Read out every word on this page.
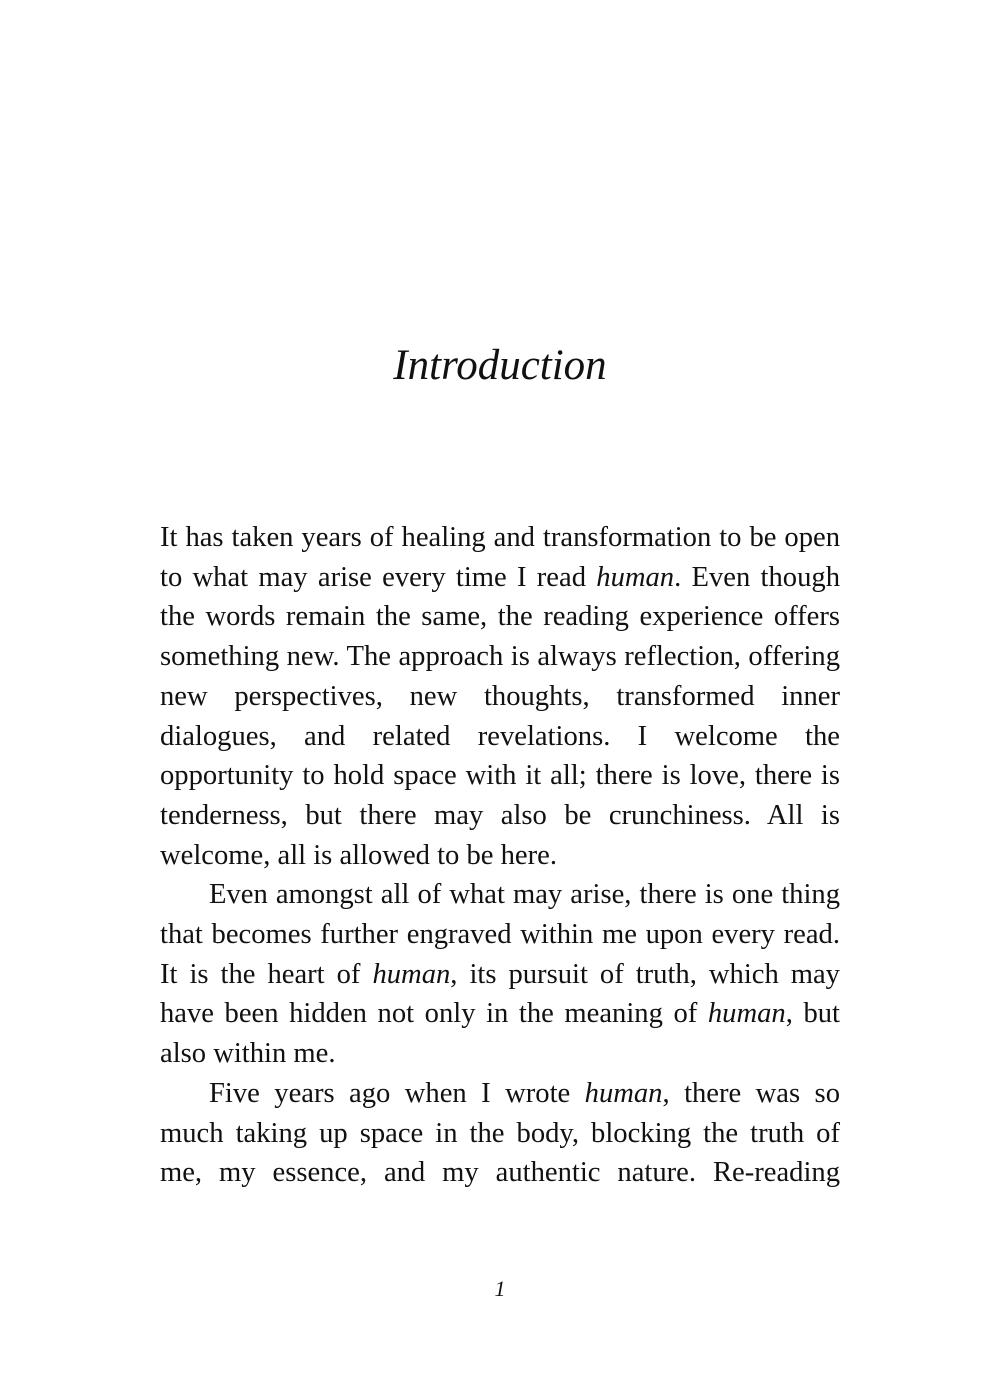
Introduction

It has taken years of healing and transformation to be open to what may arise every time I read human. Even though the words remain the same, the reading experience offers something new. The approach is always reflection, offering new perspectives, new thoughts, transformed inner dialogues, and related revelations. I welcome the opportunity to hold space with it all; there is love, there is tenderness, but there may also be crunchiness. All is welcome, all is allowed to be here.

Even amongst all of what may arise, there is one thing that becomes further engraved within me upon every read. It is the heart of human, its pursuit of truth, which may have been hidden not only in the meaning of human, but also within me.

Five years ago when I wrote human, there was so much taking up space in the body, blocking the truth of me, my essence, and my authentic nature. Re-reading

1
